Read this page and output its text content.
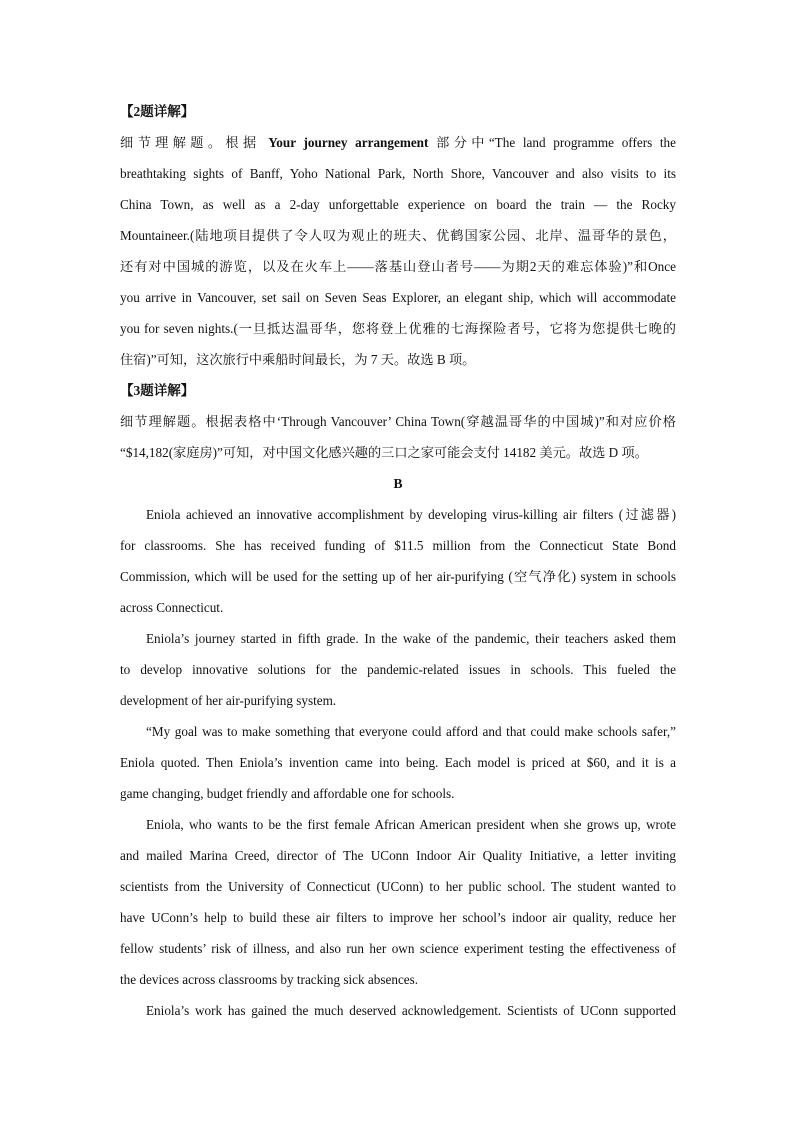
【2题详解】

细节理解题。根据 Your journey arrangement 部分中“The land programme offers the

breathtaking sights of Banff, Yoho National Park, North Shore, Vancouver and also visits to its

China Town, as well as a 2-day unforgettable experience on board the train — the Rocky

Mountaineer.(陆地项目提供了令人叹为观止的班夫、优鹤国家公园、北岸、温哥华的景色，

还有对中国城的游览，以及在火车上——落基山登山者号——为期2天的难忘体验)”和Once

you arrive in Vancouver, set sail on Seven Seas Explorer, an elegant ship, which will accommodate

you for seven nights.(一旦抵达温哥华，您将登上优雅的七海探险者号，它将为您提供七晚的

住宿)”可知，这次旅行中乘船时间最长，为 7 天。故选 B 项。

【3题详解】

细节理解题。根据表格中‘Through Vancouver’ China Town(穿越温哥华的中国城)”和对应价格

“$14,182(家庭房)”可知，对中国文化感兴趣的三口之家可能会支付 14182 美元。故选 D 项。

B

Eniola achieved an innovative accomplishment by developing virus-killing air filters (过滤器)

for classrooms. She has received funding of $11.5 million from the Connecticut State Bond

Commission, which will be used for the setting up of her air-purifying (空气净化) system in schools

across Connecticut.

Eniola’s journey started in fifth grade. In the wake of the pandemic, their teachers asked them

to develop innovative solutions for the pandemic-related issues in schools. This fueled the

development of her air-purifying system.

“My goal was to make something that everyone could afford and that could make schools safer,”

Eniola quoted. Then Eniola’s invention came into being. Each model is priced at $60, and it is a

game changing, budget friendly and affordable one for schools.

Eniola, who wants to be the first female African American president when she grows up, wrote

and mailed Marina Creed, director of The UConn Indoor Air Quality Initiative, a letter inviting

scientists from the University of Connecticut (UConn) to her public school. The student wanted to

have UConn’s help to build these air filters to improve her school’s indoor air quality, reduce her

fellow students’ risk of illness, and also run her own science experiment testing the effectiveness of

the devices across classrooms by tracking sick absences.

Eniola’s work has gained the much deserved acknowledgement. Scientists of UConn supported
